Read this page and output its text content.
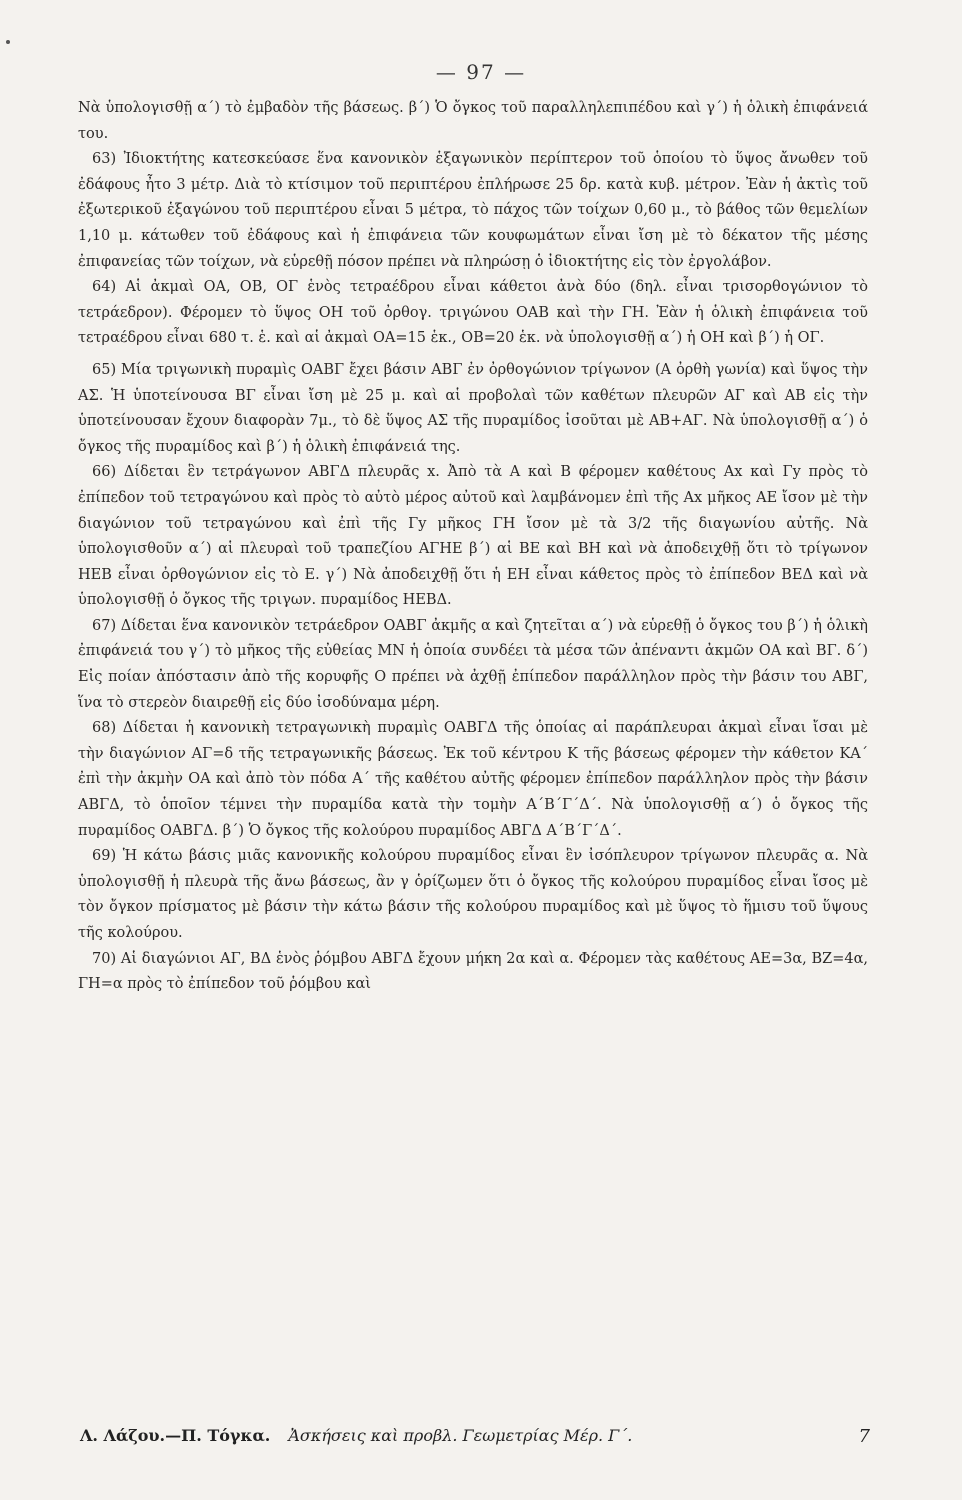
— 97 —

Νὰ ὑπολογισθῇ α΄) τὸ ἐμβαδὸν τῆς βάσεως. β΄) Ὁ ὄγκος τοῦ παραλληλεπιπέδου καὶ γ΄) ἡ ὁλικὴ ἐπιφάνειά του.

63) Ἰδιοκτήτης κατεσκεύασε ἕνα κανονικὸν ἑξαγωνικὸν περίπτερον τοῦ ὁποίου τὸ ὕψος ἄνωθεν τοῦ ἐδάφους ἦτο 3 μέτρ. Διὰ τὸ κτίσιμον τοῦ περιπτέρου ἐπλήρωσε 25 δρ. κατὰ κυβ. μέτρον. Ἐὰν ἡ ἀκτὶς τοῦ ἐξωτερικοῦ ἑξαγώνου τοῦ περιπτέρου εἶναι 5 μέτρα, τὸ πάχος τῶν τοίχων 0,60 μ., τὸ βάθος τῶν θεμελίων 1,10 μ. κάτωθεν τοῦ ἐδάφους καὶ ἡ ἐπιφάνεια τῶν κουφωμάτων εἶναι ἴση μὲ τὸ δέκατον τῆς μέσης ἐπιφανείας τῶν τοίχων, νὰ εὑρεθῇ πόσον πρέπει νὰ πληρώσῃ ὁ ἰδιοκτήτης εἰς τὸν ἐργολάβον.

64) Αἱ ἀκμαὶ ΟΑ, ΟΒ, ΟΓ ἑνὸς τετραέδρου εἶναι κάθετοι ἀνὰ δύο (δηλ. εἶναι τρισορθογώνιον τὸ τετράεδρον). Φέρομεν τὸ ὕψος ΟΗ τοῦ ὀρθογ. τριγώνου ΟΑΒ καὶ τὴν ΓΗ. Ἐὰν ἡ ὁλικὴ ἐπιφάνεια τοῦ τετραέδρου εἶναι 680 τ. ἑ. καὶ αἱ ἀκμαὶ ΟΑ=15 ἑκ., ΟΒ=20 ἑκ. νὰ ὑπολογισθῇ α΄) ἡ ΟΗ καὶ β΄) ἡ ΟΓ.

65) Μία τριγωνικὴ πυραμὶς ΟΑΒΓ ἔχει βάσιν ΑΒΓ ἐν ὀρθογώνιον τρίγωνον (Α ὀρθὴ γωνία) καὶ ὕψος τὴν ΑΣ. Ἡ ὑποτείνουσα ΒΓ εἶναι ἴση μὲ 25 μ. καὶ αἱ προβολαὶ τῶν καθέτων πλευρῶν ΑΓ καὶ ΑΒ εἰς τὴν ὑποτείνουσαν ἔχουν διαφορὰν 7μ., τὸ δὲ ὕψος ΑΣ τῆς πυραμίδος ἰσοῦται μὲ ΑΒ+ΑΓ. Νὰ ὑπολογισθῇ α΄) ὁ ὄγκος τῆς πυραμίδος καὶ β΄) ἡ ὁλικὴ ἐπιφάνειά της.

66) Δίδεται ἓν τετράγωνον ΑΒΓΔ πλευρᾶς x. Ἀπὸ τὰ Α καὶ Β φέρομεν καθέτους Αx καὶ Γy πρὸς τὸ ἐπίπεδον τοῦ τετραγώνου καὶ πρὸς τὸ αὐτὸ μέρος αὐτοῦ καὶ λαμβάνομεν ἐπὶ τῆς Αx μῆκος ΑΕ ἴσον μὲ τὴν διαγώνιον τοῦ τετραγώνου καὶ ἐπὶ τῆς Γy μῆκος ΓΗ ἴσον μὲ τὰ 3/2 τῆς διαγωνίου αὐτῆς. Νὰ ὑπολογισθοῦν α΄) αἱ πλευραὶ τοῦ τραπεζίου ΑΓΗΕ β΄) αἱ ΒΕ καὶ ΒΗ καὶ νὰ ἀποδειχθῇ ὅτι τὸ τρίγωνον ΗΕΒ εἶναι ὀρθογώνιον εἰς τὸ Ε. γ΄) Νὰ ἀποδειχθῇ ὅτι ἡ ΕΗ εἶναι κάθετος πρὸς τὸ ἐπίπεδον ΒΕΔ καὶ νὰ ὑπολογισθῇ ὁ ὄγκος τῆς τριγων. πυραμίδος ΗΕΒΔ.

67) Δίδεται ἕνα κανονικὸν τετράεδρον ΟΑΒΓ ἀκμῆς α καὶ ζητεῖται α΄) νὰ εὑρεθῇ ὁ ὄγκος του β΄) ἡ ὁλικὴ ἐπιφάνειά του γ΄) τὸ μῆκος τῆς εὐθείας ΜΝ ἡ ὁποία συνδέει τὰ μέσα τῶν ἀπέναντι ἀκμῶν ΟΑ καὶ ΒΓ. δ΄) Εἰς ποίαν ἀπόστασιν ἀπὸ τῆς κορυφῆς Ο πρέπει νὰ ἀχθῇ ἐπίπεδον παράλληλον πρὸς τὴν βάσιν του ΑΒΓ, ἵνα τὸ στερεὸν διαιρεθῇ εἰς δύο ἰσοδύναμα μέρη.

68) Δίδεται ἡ κανονικὴ τετραγωνικὴ πυραμὶς ΟΑΒΓΔ τῆς ὁποίας αἱ παράπλευραι ἀκμαὶ εἶναι ἴσαι μὲ τὴν διαγώνιον ΑΓ=δ τῆς τετραγωνικῆς βάσεως. Ἐκ τοῦ κέντρου Κ τῆς βάσεως φέρομεν τὴν κάθετον ΚΑ΄ ἐπὶ τὴν ἀκμὴν ΟΑ καὶ ἀπὸ τὸν πόδα Α΄ τῆς καθέτου αὐτῆς φέρομεν ἐπίπεδον παράλληλον πρὸς τὴν βάσιν ΑΒΓΔ, τὸ ὁποῖον τέμνει τὴν πυραμίδα κατὰ τὴν τομὴν Α΄Β΄Γ΄Δ΄. Νὰ ὑπολογισθῇ α΄) ὁ ὄγκος τῆς πυραμίδος ΟΑΒΓΔ. β΄) Ὁ ὄγκος τῆς κολούρου πυραμίδος ΑΒΓΔ Α΄Β΄Γ΄Δ΄.

69) Ἡ κάτω βάσις μιᾶς κανονικῆς κολούρου πυραμίδος εἶναι ἓν ἰσόπλευρον τρίγωνον πλευρᾶς α. Νὰ ὑπολογισθῇ ἡ πλευρὰ τῆς ἄνω βάσεως, ἂν γ ὁρίζωμεν ὅτι ὁ ὄγκος τῆς κολούρου πυραμίδος εἶναι ἴσος μὲ τὸν ὄγκον πρίσματος μὲ βάσιν τὴν κάτω βάσιν τῆς κολούρου πυραμίδος καὶ μὲ ὕψος τὸ ἥμισυ τοῦ ὕψους τῆς κολούρου.

70) Αἱ διαγώνιοι ΑΓ, ΒΔ ἑνὸς ῥόμβου ΑΒΓΔ ἔχουν μήκη 2α καὶ α. Φέρομεν τὰς καθέτους ΑΕ=3α, ΒΖ=4α, ΓΗ=α πρὸς τὸ ἐπίπεδον τοῦ ῥόμβου καὶ

Λ. Λάζου.—Π. Τόγκα. Ἀσκήσεις καὶ προβλ. Γεωμετρίας Μέρ. Γ΄.	7
